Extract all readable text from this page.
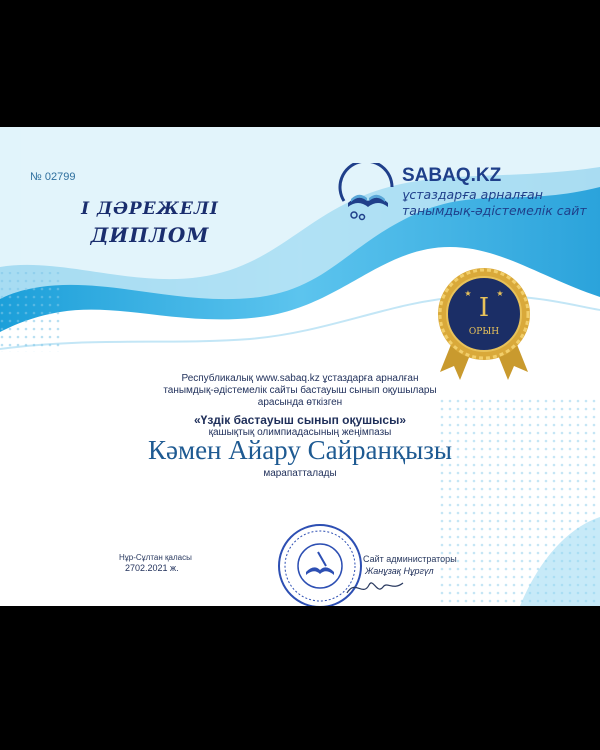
№ 02799
I ДӘРЕЖЕЛІ
ДИПЛОМ
SABAQ.KZ
ұстаздарға арналған
танымдық-әдістемелік сайт
I
ОРЫН
★	★
Республикалық www.sabaq.kz ұстаздарға арналған
танымдық-әдістемелік сайты бастауыш сынып оқушылары
арасында өткізген
«Үздік бастауыш сынып оқушысы»
қашықтық олимпиадасының жеңімпазы
Кәмен Айару Сайранқызы
марапатталады
Нұр-Сұлтан қаласы
2702.2021 ж.
Сайт администраторы
Жанұзақ Нұргүл
